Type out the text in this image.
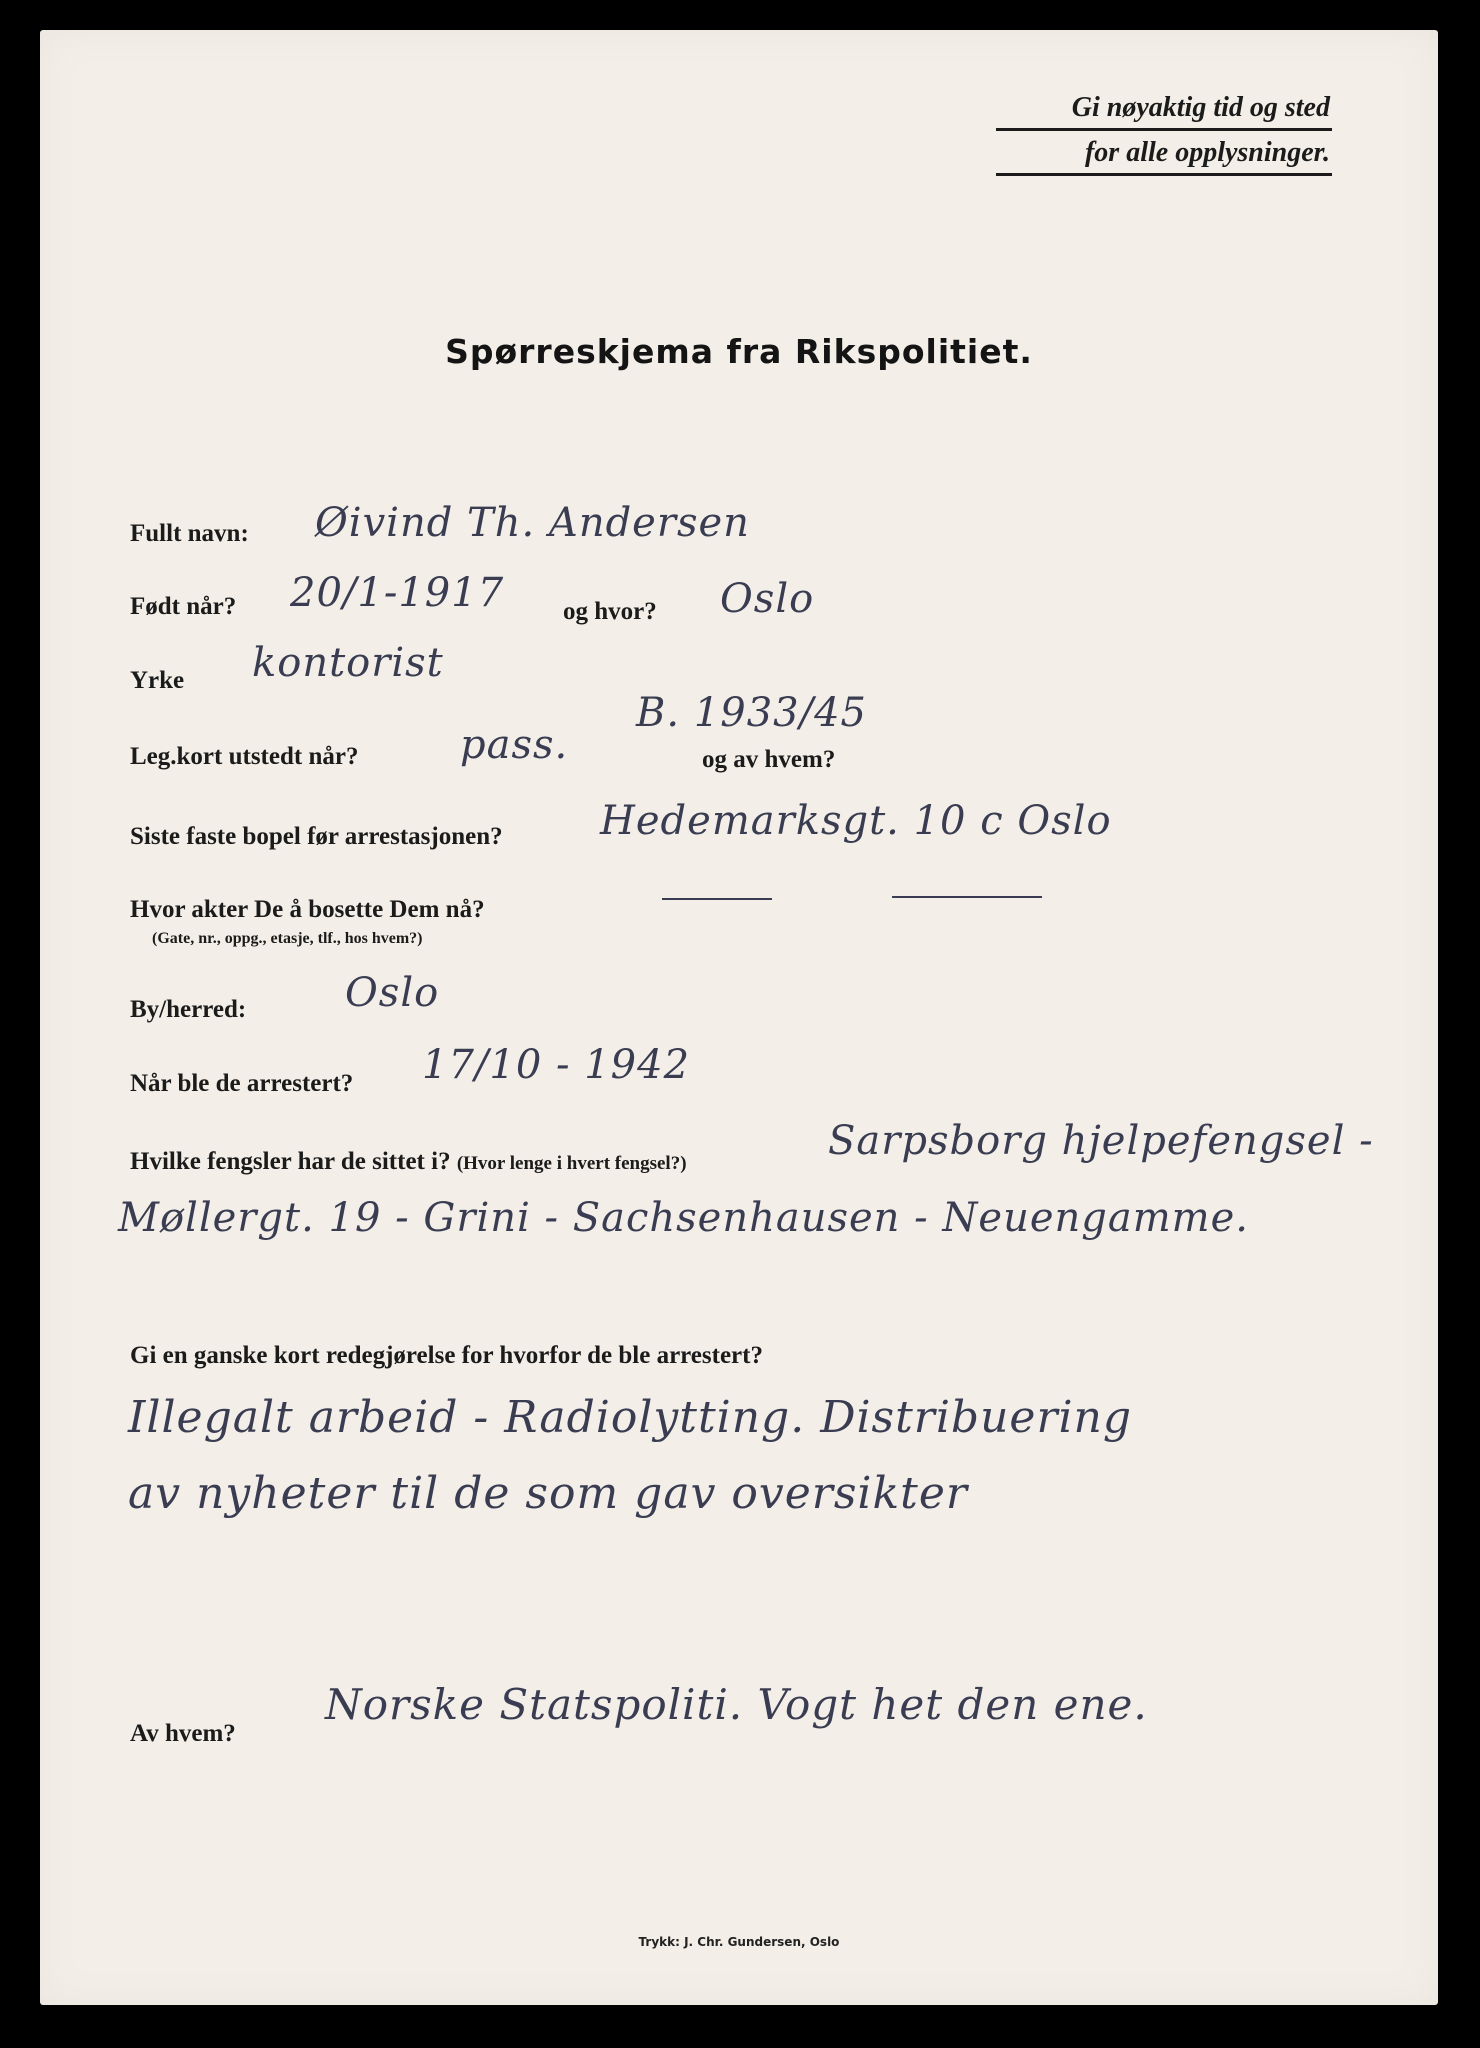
Gi nøyaktig tid og sted
for alle opplysninger.
Spørreskjema fra Rikspolitiet.
Fullt navn: Øivind Th. Andersen
Født når? 20/1-1917 og hvor? Oslo
Yrke kontorist
Leg.kort utstedt når?	pass.	og av hvem?
B. 1933/45
Siste faste bopel før arrestasjonen? Hedemarksgt. 10 c Oslo
Hvor akter De å bosette Dem nå?
(Gate, nr., oppg., etasje, tlf., hos hvem?)
By/herred: Oslo
Når ble de arrestert? 17/10 - 1942
Hvilke fengsler har de sittet i? (Hvor lenge i hvert fengsel?)	Sarpsborg hjelpefengsel -
Møllergt. 19 - Grini - Sachsenhausen - Neuengamme.
Gi en ganske kort redegjørelse for hvorfor de ble arrestert?
Illegalt arbeid - Radiolytting. Distribuering
av nyheter til de som gav oversikter
Av hvem?
Norske Statspoliti. Vogt het den ene.
Trykk: J. Chr. Gundersen, Oslo
